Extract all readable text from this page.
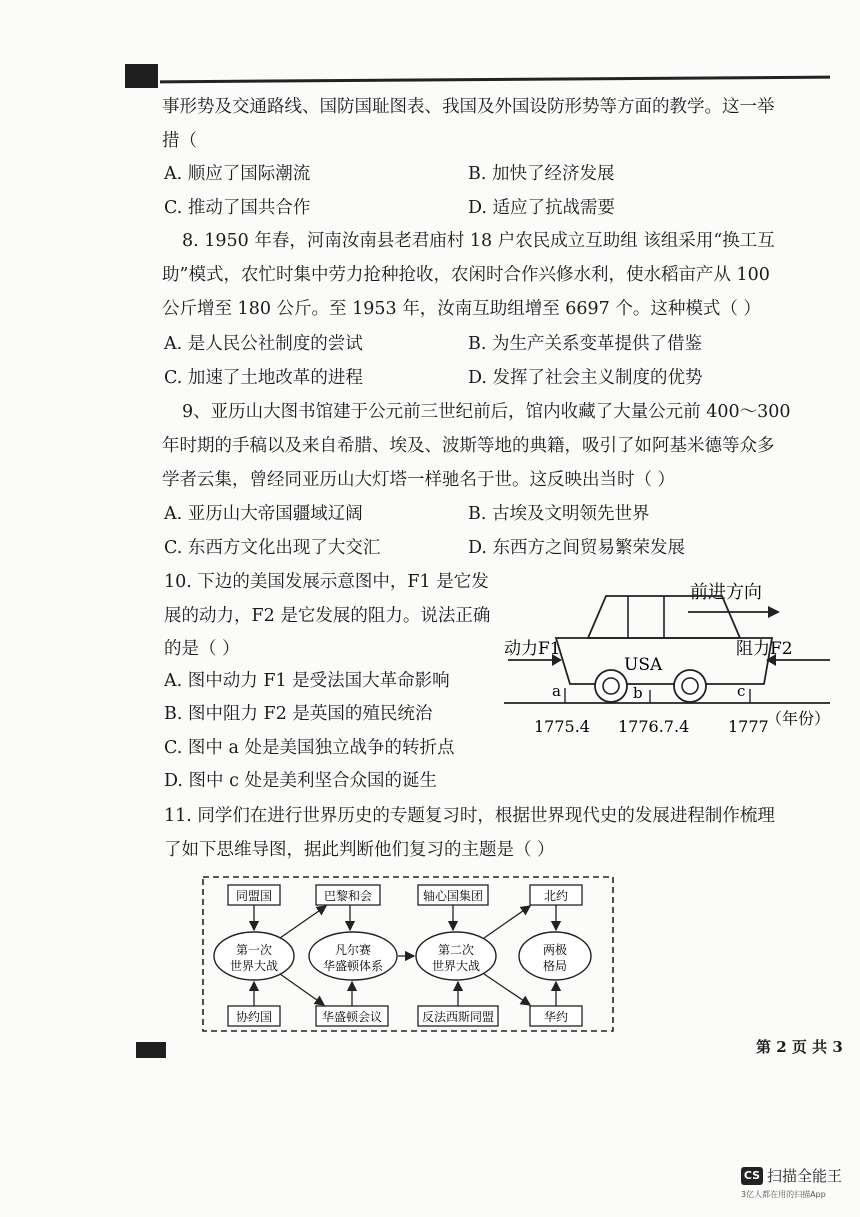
事形势及交通路线、国防国耻图表、我国及外国设防形势等方面的教学。这一举
措（
A. 顺应了国际潮流	B. 加快了经济发展
C. 推动了国共合作	D. 适应了抗战需要
8. 1950 年春，河南汝南县老君庙村 18 户农民成立互助组 该组采用“换工互
助”模式，农忙时集中劳力抢种抢收，农闲时合作兴修水利，使水稻亩产从 100
公斤增至 180 公斤。至 1953 年，汝南互助组增至 6697 个。这种模式（ ）
A. 是人民公社制度的尝试	B. 为生产关系变革提供了借鉴
C. 加速了土地改革的进程	D. 发挥了社会主义制度的优势
9、亚历山大图书馆建于公元前三世纪前后，馆内收藏了大量公元前 400～300
年时期的手稿以及来自希腊、埃及、波斯等地的典籍，吸引了如阿基米德等众多
学者云集，曾经同亚历山大灯塔一样驰名于世。这反映出当时（ ）
A. 亚历山大帝国疆域辽阔	B. 古埃及文明领先世界
C. 东西方文化出现了大交汇	D. 东西方之间贸易繁荣发展
10. 下边的美国发展示意图中，F1 是它发
展的动力，F2 是它发展的阻力。说法正确
的是（ ）
A. 图中动力 F1 是受法国大革命影响
B. 图中阻力 F2 是英国的殖民统治
C. 图中 a 处是美国独立战争的转折点
D. 图中 c 处是美利坚合众国的诞生
前进方向
USA
动力F1	阻力F2
a	b	c
1775.4 1776.7.4 1777
（年份）
11. 同学们在进行世界历史的专题复习时，根据世界现代史的发展进程制作梳理
了如下思维导图，据此判断他们复习的主题是（ ）
同盟国	巴黎和会	轴心国集团	北约
第一次
世界大战
凡尔赛
华盛顿体系
第二次
世界大战
两极
格局
协约国	华盛顿会议	反法西斯同盟	华约
第 2 页 共 3
CS 扫描全能王
3亿人都在用的扫描App
